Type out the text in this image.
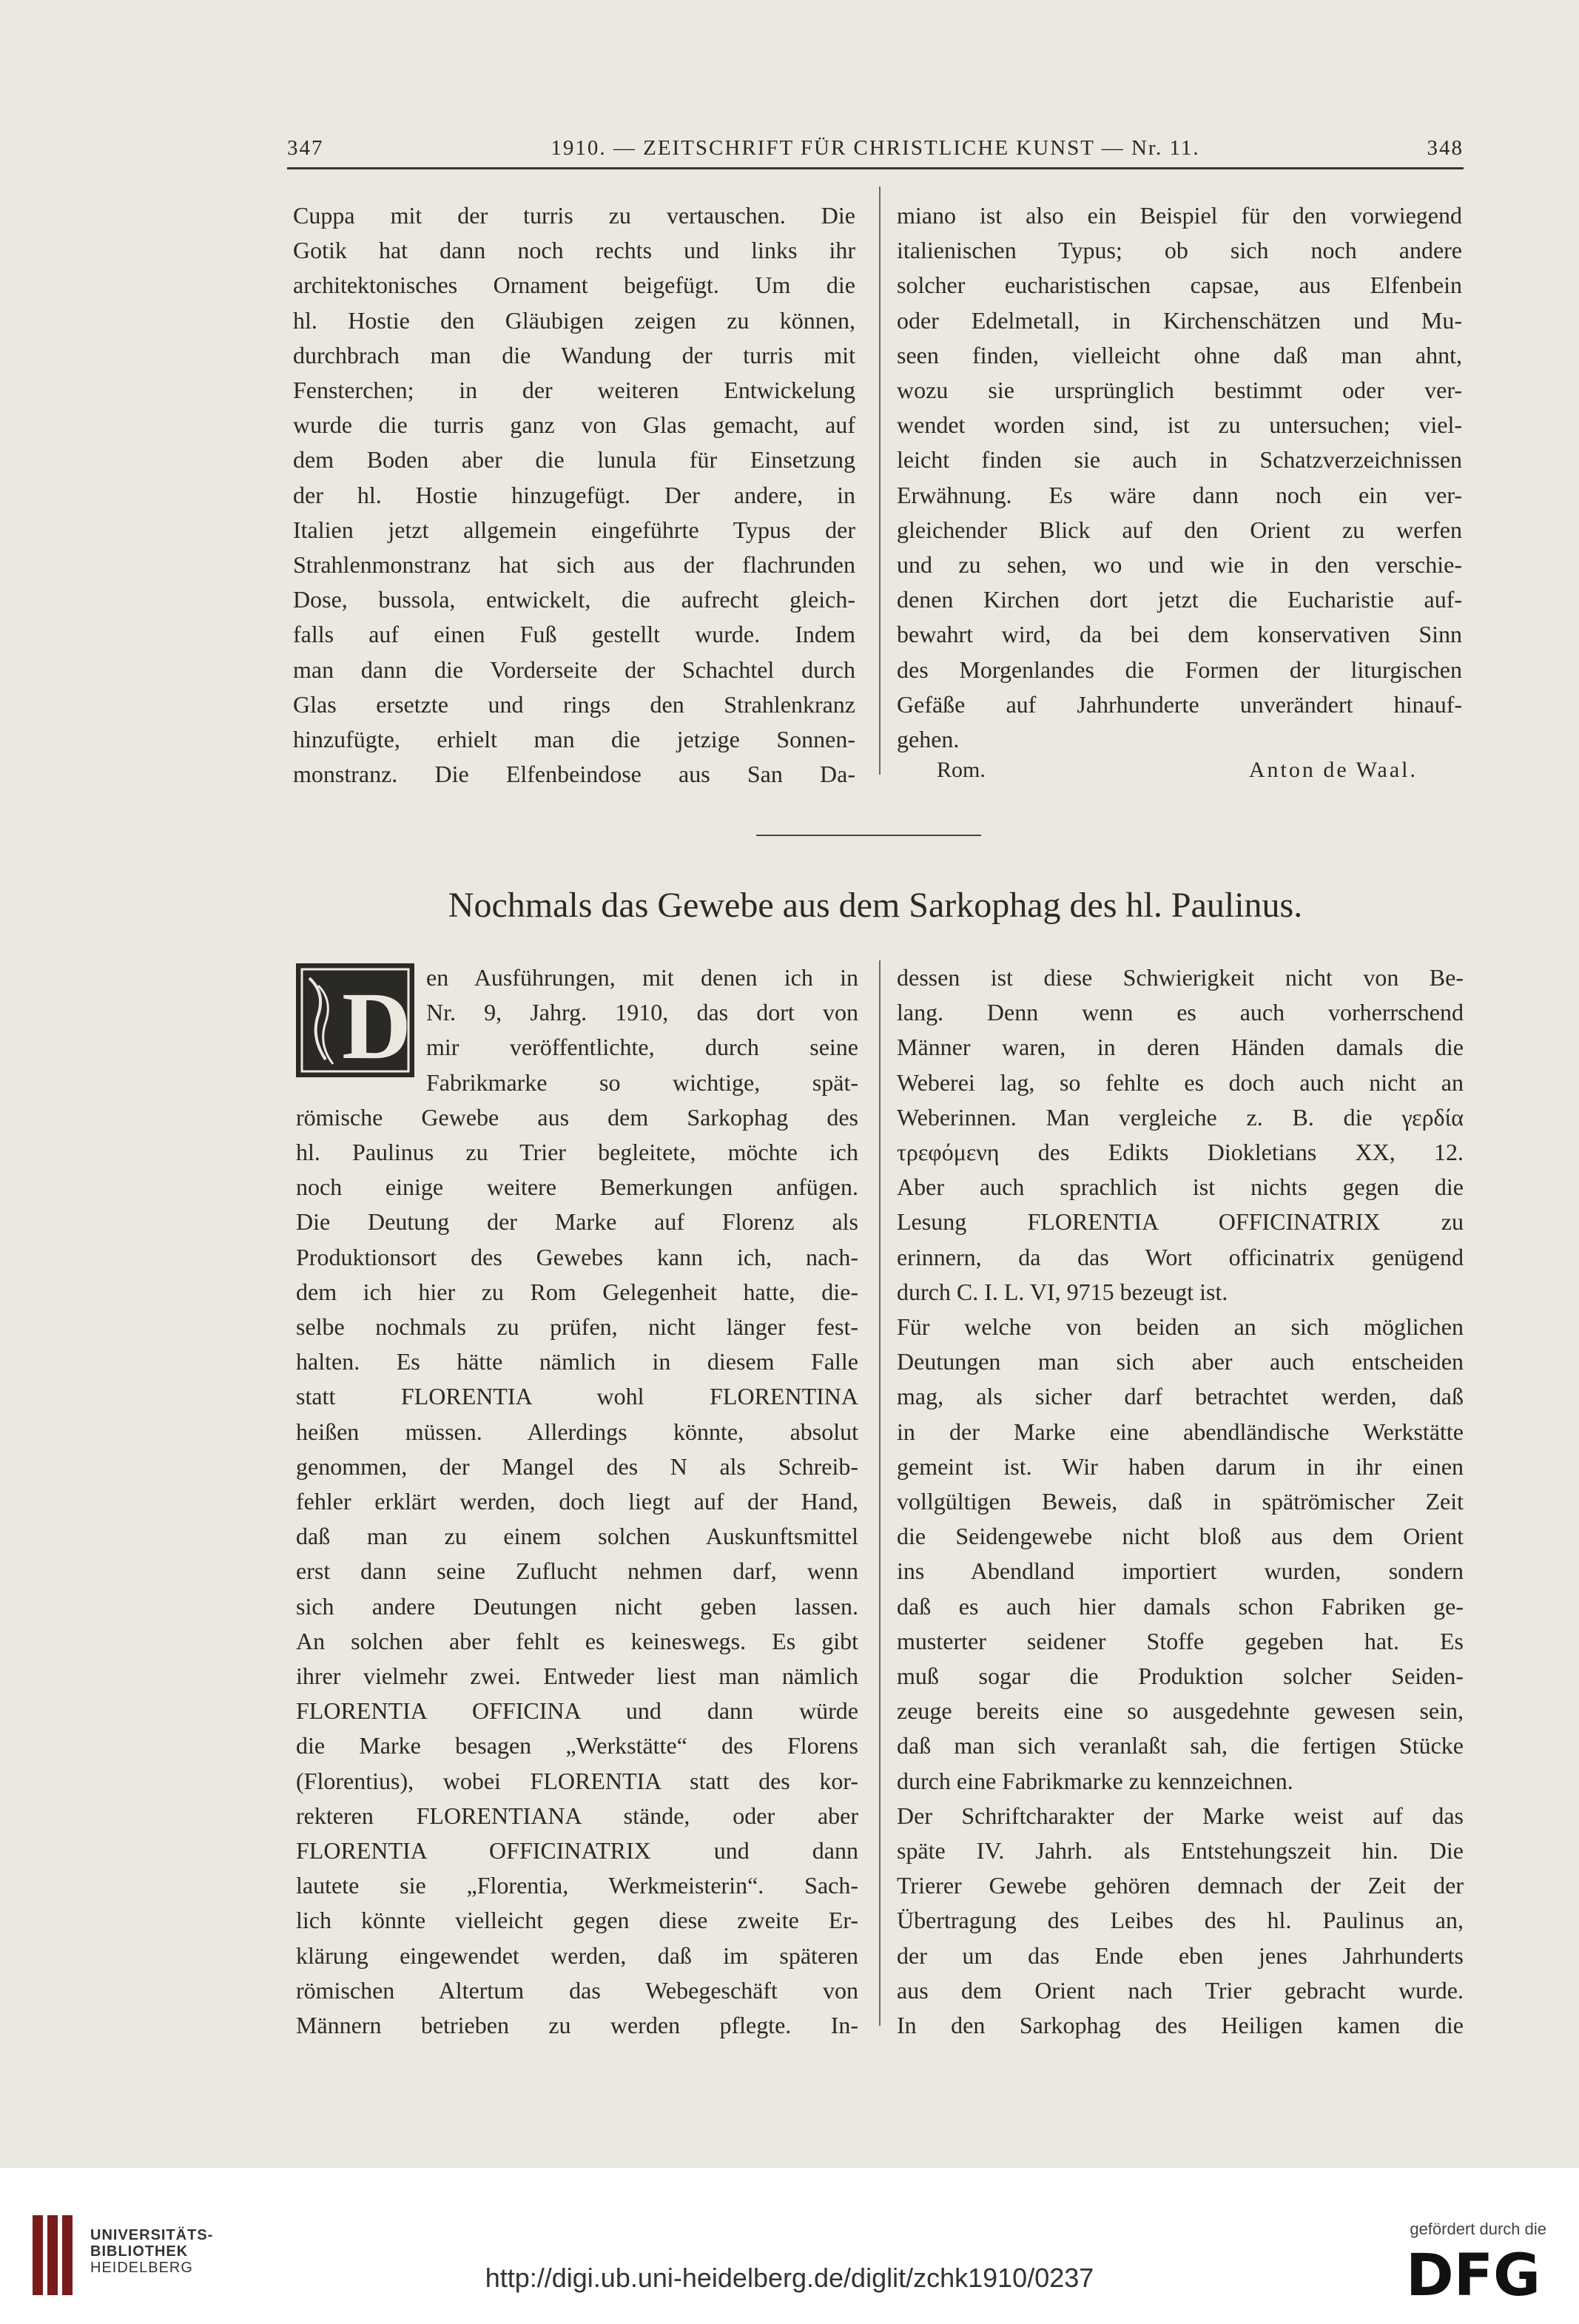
347	1910. — ZEITSCHRIFT FÜR CHRISTLICHE KUNST — Nr. 11.	348
Cuppa mit der turris zu vertauschen. Die
Gotik hat dann noch rechts und links ihr
architektonisches Ornament beigefügt. Um die
hl. Hostie den Gläubigen zeigen zu können,
durchbrach man die Wandung der turris mit
Fensterchen; in der weiteren Entwickelung
wurde die turris ganz von Glas gemacht, auf
dem Boden aber die lunula für Einsetzung
der hl. Hostie hinzugefügt. Der andere, in
Italien jetzt allgemein eingeführte Typus der
Strahlenmonstranz hat sich aus der flachrunden
Dose, bussola, entwickelt, die aufrecht gleich-
falls auf einen Fuß gestellt wurde. Indem
man dann die Vorderseite der Schachtel durch
Glas ersetzte und rings den Strahlenkranz
hinzufügte, erhielt man die jetzige Sonnen-
monstranz. Die Elfenbeindose aus San Da-
miano ist also ein Beispiel für den vorwiegend
italienischen Typus; ob sich noch andere
solcher eucharistischen capsae, aus Elfenbein
oder Edelmetall, in Kirchenschätzen und Mu-
seen finden, vielleicht ohne daß man ahnt,
wozu sie ursprünglich bestimmt oder ver-
wendet worden sind, ist zu untersuchen; viel-
leicht finden sie auch in Schatzverzeichnissen
Erwähnung. Es wäre dann noch ein ver-
gleichender Blick auf den Orient zu werfen
und zu sehen, wo und wie in den verschie-
denen Kirchen dort jetzt die Eucharistie auf-
bewahrt wird, da bei dem konservativen Sinn
des Morgenlandes die Formen der liturgischen
Gefäße auf Jahrhunderte unverändert hinauf-
gehen.
Rom.	Anton de Waal.
Nochmals das Gewebe aus dem Sarkophag des hl. Paulinus.
D en Ausführungen, mit denen ich in
Nr. 9, Jahrg. 1910, das dort von
mir veröffentlichte, durch seine
Fabrikmarke so wichtige, spät-
römische Gewebe aus dem Sarkophag des
hl. Paulinus zu Trier begleitete, möchte ich
noch einige weitere Bemerkungen anfügen.
Die Deutung der Marke auf Florenz als
Produktionsort des Gewebes kann ich, nach-
dem ich hier zu Rom Gelegenheit hatte, die-
selbe nochmals zu prüfen, nicht länger fest-
halten. Es hätte nämlich in diesem Falle
statt FLORENTIA wohl FLORENTINA
heißen müssen. Allerdings könnte, absolut
genommen, der Mangel des N als Schreib-
fehler erklärt werden, doch liegt auf der Hand,
daß man zu einem solchen Auskunftsmittel
erst dann seine Zuflucht nehmen darf, wenn
sich andere Deutungen nicht geben lassen.
An solchen aber fehlt es keineswegs. Es gibt
ihrer vielmehr zwei. Entweder liest man nämlich
FLORENTIA OFFICINA und dann würde
die Marke besagen „Werkstätte“ des Florens
(Florentius), wobei FLORENTIA statt des kor-
rekteren FLORENTIANA stände, oder aber
FLORENTIA OFFICINATRIX und dann
lautete sie „Florentia, Werkmeisterin“. Sach-
lich könnte vielleicht gegen diese zweite Er-
klärung eingewendet werden, daß im späteren
römischen Altertum das Webegeschäft von
Männern betrieben zu werden pflegte. In-
dessen ist diese Schwierigkeit nicht von Be-
lang. Denn wenn es auch vorherrschend
Männer waren, in deren Händen damals die
Weberei lag, so fehlte es doch auch nicht an
Weberinnen. Man vergleiche z. B. die γερδία
τρεφόμενη des Edikts Diokletians XX, 12.
Aber auch sprachlich ist nichts gegen die
Lesung FLORENTIA OFFICINATRIX zu
erinnern, da das Wort officinatrix genügend
durch C. I. L. VI, 9715 bezeugt ist.
Für welche von beiden an sich möglichen
Deutungen man sich aber auch entscheiden
mag, als sicher darf betrachtet werden, daß
in der Marke eine abendländische Werkstätte
gemeint ist. Wir haben darum in ihr einen
vollgültigen Beweis, daß in spätrömischer Zeit
die Seidengewebe nicht bloß aus dem Orient
ins Abendland importiert wurden, sondern
daß es auch hier damals schon Fabriken ge-
musterter seidener Stoffe gegeben hat. Es
muß sogar die Produktion solcher Seiden-
zeuge bereits eine so ausgedehnte gewesen sein,
daß man sich veranlaßt sah, die fertigen Stücke
durch eine Fabrikmarke zu kennzeichnen.
Der Schriftcharakter der Marke weist auf das
späte IV. Jahrh. als Entstehungszeit hin. Die
Trierer Gewebe gehören demnach der Zeit der
Übertragung des Leibes des hl. Paulinus an,
der um das Ende eben jenes Jahrhunderts
aus dem Orient nach Trier gebracht wurde.
In den Sarkophag des Heiligen kamen die
UNIVERSITÄTS-
BIBLIOTHEK
HEIDELBERG	http://digi.ub.uni-heidelberg.de/diglit/zchk1910/0237
gefördert durch die
DFG
